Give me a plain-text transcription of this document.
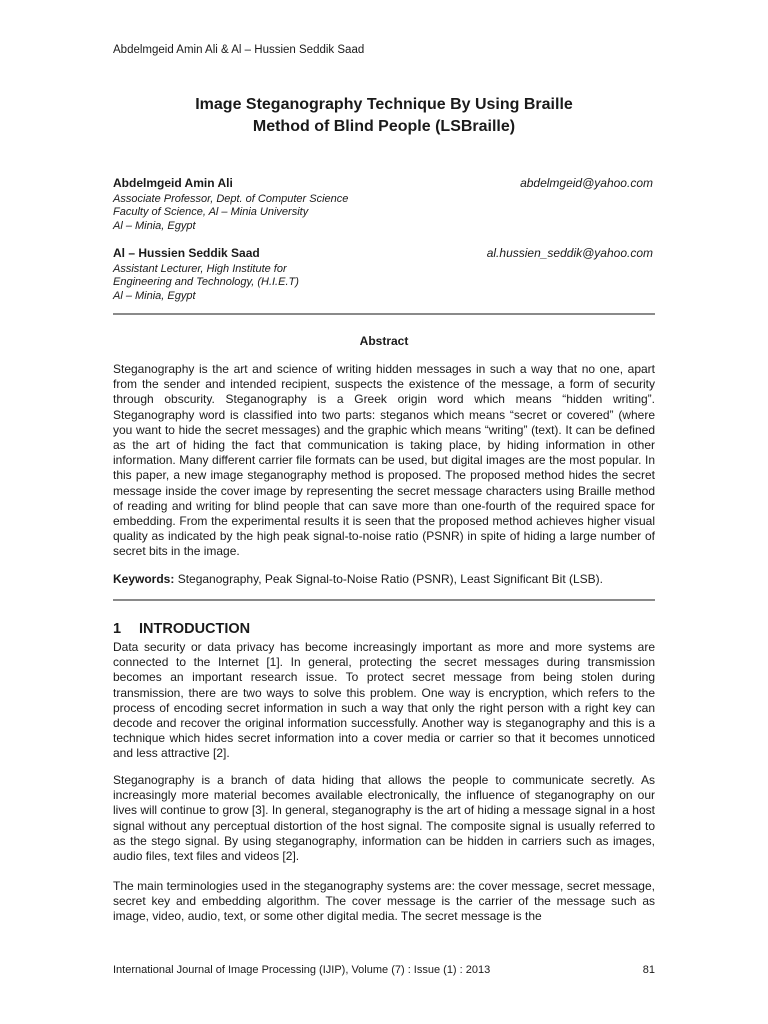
Abdelmgeid Amin Ali & Al – Hussien Seddik Saad
Image Steganography Technique By Using Braille
Method of Blind People (LSBraille)
Abdelmgeid Amin Ali	abdelmgeid@yahoo.com
Associate Professor, Dept. of Computer Science
Faculty of Science, Al – Minia University
Al – Minia, Egypt
Al – Hussien Seddik Saad	al.hussien_seddik@yahoo.com
Assistant Lecturer, High Institute for
Engineering and Technology, (H.I.E.T)
Al – Minia, Egypt
Abstract
Steganography is the art and science of writing hidden messages in such a way that no one, apart from the sender and intended recipient, suspects the existence of the message, a form of security through obscurity. Steganography is a Greek origin word which means “hidden writing”. Steganography word is classified into two parts: steganos which means “secret or covered” (where you want to hide the secret messages) and the graphic which means “writing” (text). It can be defined as the art of hiding the fact that communication is taking place, by hiding information in other information. Many different carrier file formats can be used, but digital images are the most popular. In this paper, a new image steganography method is proposed. The proposed method hides the secret message inside the cover image by representing the secret message characters using Braille method of reading and writing for blind people that can save more than one-fourth of the required space for embedding. From the experimental results it is seen that the proposed method achieves higher visual quality as indicated by the high peak signal-to-noise ratio (PSNR) in spite of hiding a large number of secret bits in the image.
Keywords: Steganography, Peak Signal-to-Noise Ratio (PSNR), Least Significant Bit (LSB).
1 INTRODUCTION
Data security or data privacy has become increasingly important as more and more systems are connected to the Internet [1]. In general, protecting the secret messages during transmission becomes an important research issue. To protect secret message from being stolen during transmission, there are two ways to solve this problem. One way is encryption, which refers to the process of encoding secret information in such a way that only the right person with a right key can decode and recover the original information successfully. Another way is steganography and this is a technique which hides secret information into a cover media or carrier so that it becomes unnoticed and less attractive [2].
Steganography is a branch of data hiding that allows the people to communicate secretly. As increasingly more material becomes available electronically, the influence of steganography on our lives will continue to grow [3]. In general, steganography is the art of hiding a message signal in a host signal without any perceptual distortion of the host signal. The composite signal is usually referred to as the stego signal. By using steganography, information can be hidden in carriers such as images, audio files, text files and videos [2].
The main terminologies used in the steganography systems are: the cover message, secret message, secret key and embedding algorithm. The cover message is the carrier of the message such as image, video, audio, text, or some other digital media. The secret message is the
International Journal of Image Processing (IJIP), Volume (7) : Issue (1) : 2013	81
